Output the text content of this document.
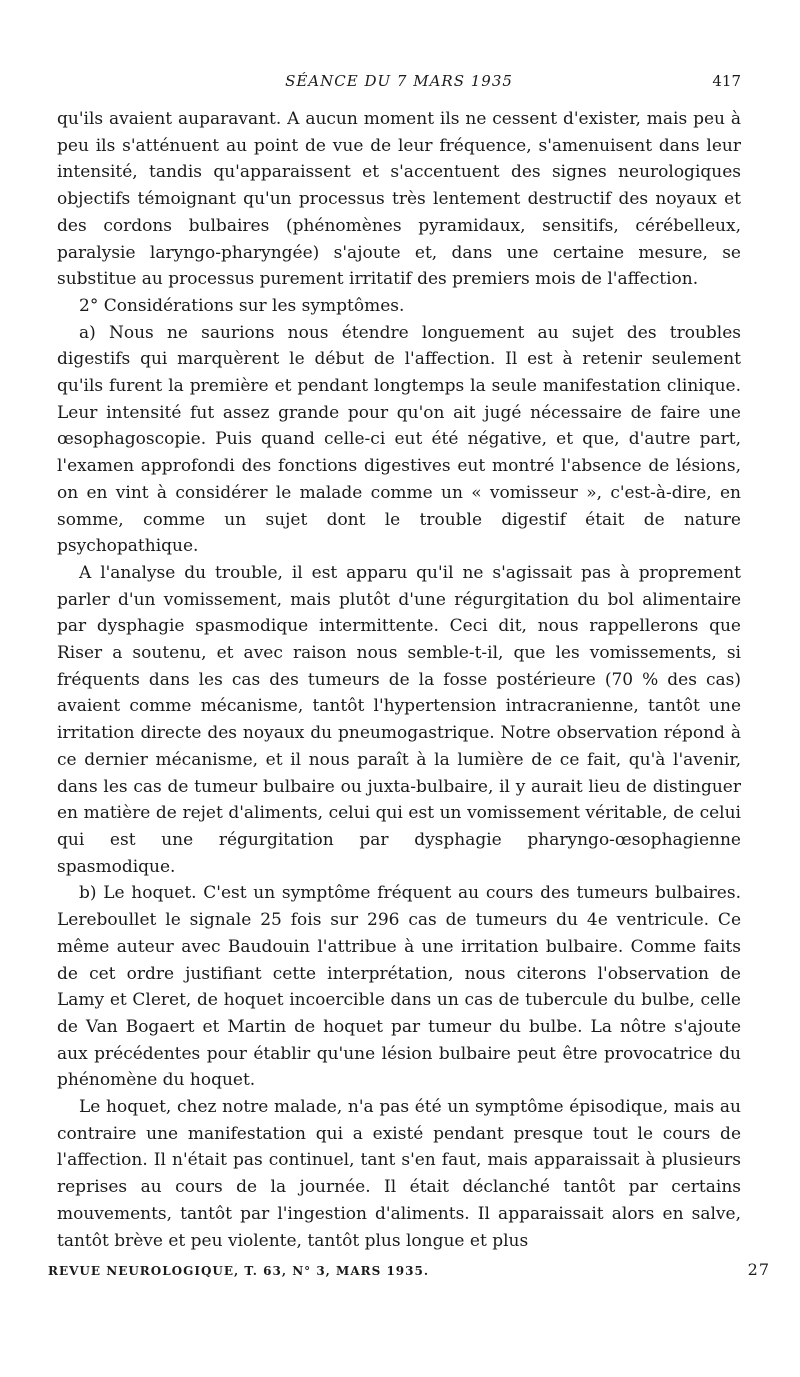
SÉANCE DU 7 MARS 1935	417

qu'ils avaient auparavant. A aucun moment ils ne cessent d'exister, mais peu à peu ils s'atténuent au point de vue de leur fréquence, s'amenuisent dans leur intensité, tandis qu'apparaissent et s'accentuent des signes neurologiques objectifs témoignant qu'un processus très lentement destructif des noyaux et des cordons bulbaires (phénomènes pyramidaux, sensitifs, cérébelleux, paralysie laryngo-pharyngée) s'ajoute et, dans une certaine mesure, se substitue au processus purement irritatif des premiers mois de l'affection.

2° Considérations sur les symptômes.

a) Nous ne saurions nous étendre longuement au sujet des troubles digestifs qui marquèrent le début de l'affection. Il est à retenir seulement qu'ils furent la première et pendant longtemps la seule manifestation clinique. Leur intensité fut assez grande pour qu'on ait jugé nécessaire de faire une œsophagoscopie. Puis quand celle-ci eut été négative, et que, d'autre part, l'examen approfondi des fonctions digestives eut montré l'absence de lésions, on en vint à considérer le malade comme un « vomisseur », c'est-à-dire, en somme, comme un sujet dont le trouble digestif était de nature psychopathique.

A l'analyse du trouble, il est apparu qu'il ne s'agissait pas à proprement parler d'un vomissement, mais plutôt d'une régurgitation du bol alimentaire par dysphagie spasmodique intermittente. Ceci dit, nous rappellerons que Riser a soutenu, et avec raison nous semble-t-il, que les vomissements, si fréquents dans les cas des tumeurs de la fosse postérieure (70 % des cas) avaient comme mécanisme, tantôt l'hypertension intracranienne, tantôt une irritation directe des noyaux du pneumogastrique. Notre observation répond à ce dernier mécanisme, et il nous paraît à la lumière de ce fait, qu'à l'avenir, dans les cas de tumeur bulbaire ou juxta-bulbaire, il y aurait lieu de distinguer en matière de rejet d'aliments, celui qui est un vomissement véritable, de celui qui est une régurgitation par dysphagie pharyngo-œsophagienne spasmodique.

b) Le hoquet. C'est un symptôme fréquent au cours des tumeurs bulbaires. Lereboullet le signale 25 fois sur 296 cas de tumeurs du 4e ventricule. Ce même auteur avec Baudouin l'attribue à une irritation bulbaire. Comme faits de cet ordre justifiant cette interprétation, nous citerons l'observation de Lamy et Cleret, de hoquet incoercible dans un cas de tubercule du bulbe, celle de Van Bogaert et Martin de hoquet par tumeur du bulbe. La nôtre s'ajoute aux précédentes pour établir qu'une lésion bulbaire peut être provocatrice du phénomène du hoquet.

Le hoquet, chez notre malade, n'a pas été un symptôme épisodique, mais au contraire une manifestation qui a existé pendant presque tout le cours de l'affection. Il n'était pas continuel, tant s'en faut, mais apparaissait à plusieurs reprises au cours de la journée. Il était déclanché tantôt par certains mouvements, tantôt par l'ingestion d'aliments. Il apparaissait alors en salve, tantôt brève et peu violente, tantôt plus longue et plus

REVUE NEUROLOGIQUE, T. 63, N° 3, MARS 1935.	27
